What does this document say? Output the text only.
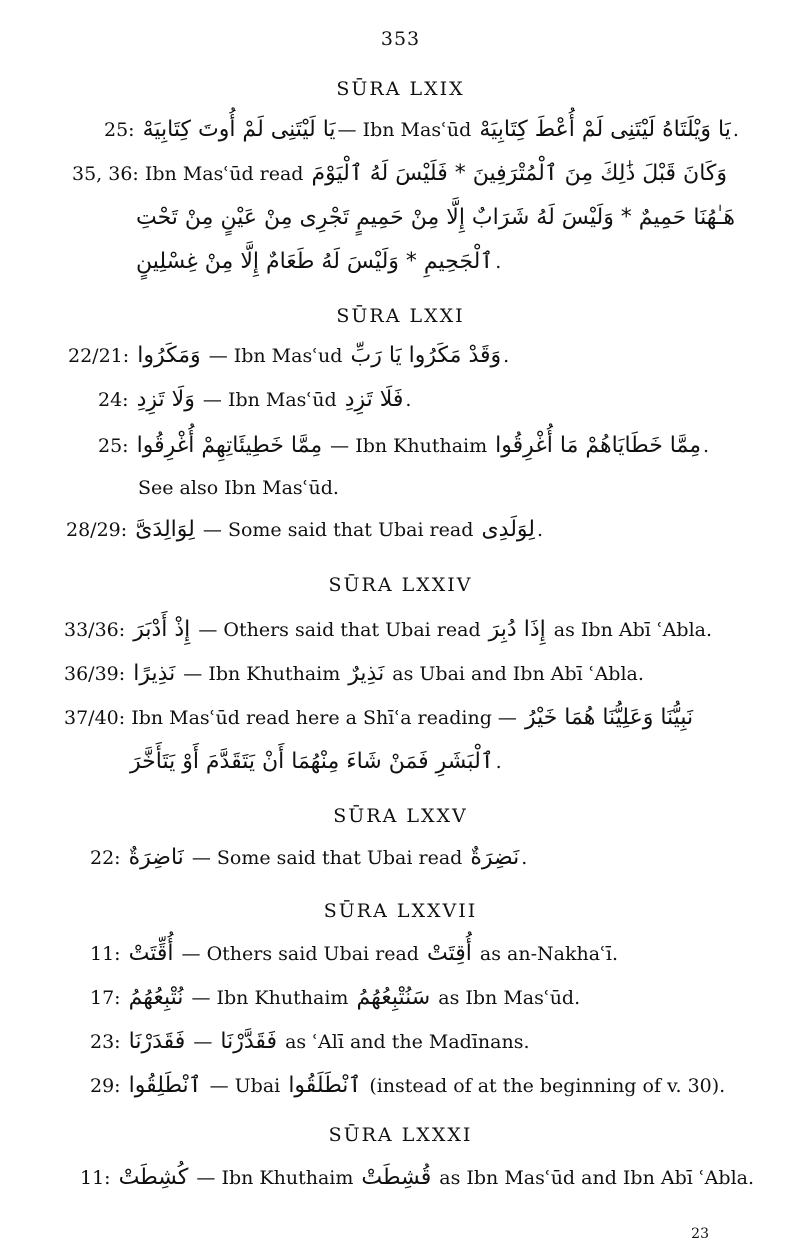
353
SŪRA LXIX
25: يَا لَيْتَنِى لَمْ أُوتَ كِتَابِيَهْ — Ibn Masʿūd يَا وَيْلَتَاهُ لَيْتَنِى لَمْ أُعْطَ كِتَابِيَهْ .
35, 36: Ibn Masʿūd read وَكَانَ قَبْلَ ذَٰلِكَ مِنَ ٱلْمُتْرَفِينَ * فَلَيْسَ لَهُ ٱلْيَوْمَ
هَـٰهُنَا حَمِيمٌ * وَلَيْسَ لَهُ شَرَابٌ إِلَّا مِنْ حَمِيمٍ تَجْرِى مِنْ عَيْنٍ مِنْ تَحْتِ
ٱلْجَحِيمِ * وَلَيْسَ لَهُ طَعَامٌ إِلَّا مِنْ غِسْلِينٍ .
SŪRA LXXI
22/21: وَمَكَرُوا — Ibn Masʿud وَقَدْ مَكَرُوا يَا رَبِّ .
24: وَلَا تَزِدِ — Ibn Masʿūd فَلَا تَزِدِ .
25: مِمَّا خَطِيئَاتِهِمْ أُغْرِقُوا — Ibn Khuthaim مِمَّا خَطَايَاهُمْ مَا أُغْرِقُوا .
See also Ibn Masʿūd.
28/29: لِوَالِدَىَّ — Some said that Ubai read لِوَلَدِى .
SŪRA LXXIV
33/36: إِذْ أَدْبَرَ — Others said that Ubai read إِذَا دُبِرَ as Ibn Abī ʿAbla.
36/39: نَذِيرًا — Ibn Khuthaim نَذِيرٌ as Ubai and Ibn Abī ʿAbla.
37/40: Ibn Masʿūd read here a Shīʿa reading — نَبِيُّنَا وَعَلِيُّنَا هُمَا خَيْرُ
ٱلْبَشَرِ فَمَنْ شَاءَ مِنْهُمَا أَنْ يَتَقَدَّمَ أَوْ يَتَأَخَّرَ .
SŪRA LXXV
22: نَاضِرَةٌ — Some said that Ubai read نَضِرَةٌ .
SŪRA LXXVII
11: أُقِّتَتْ — Others said Ubai read أُقِتَتْ as an-Nakhaʿī.
17: نُتْبِعُهُمُ — Ibn Khuthaim سَنُتْبِعُهُمُ as Ibn Masʿūd.
23: فَقَدَرْنَا — فَقَدَّرْنَا as ʿAlī and the Madīnans.
29: ٱنْطَلِقُوا — Ubai ٱنْطَلَقُوا (instead of at the beginning of v. 30).
SŪRA LXXXI
11: كُشِطَتْ — Ibn Khuthaim قُشِطَتْ as Ibn Masʿūd and Ibn Abī ʿAbla.
23
